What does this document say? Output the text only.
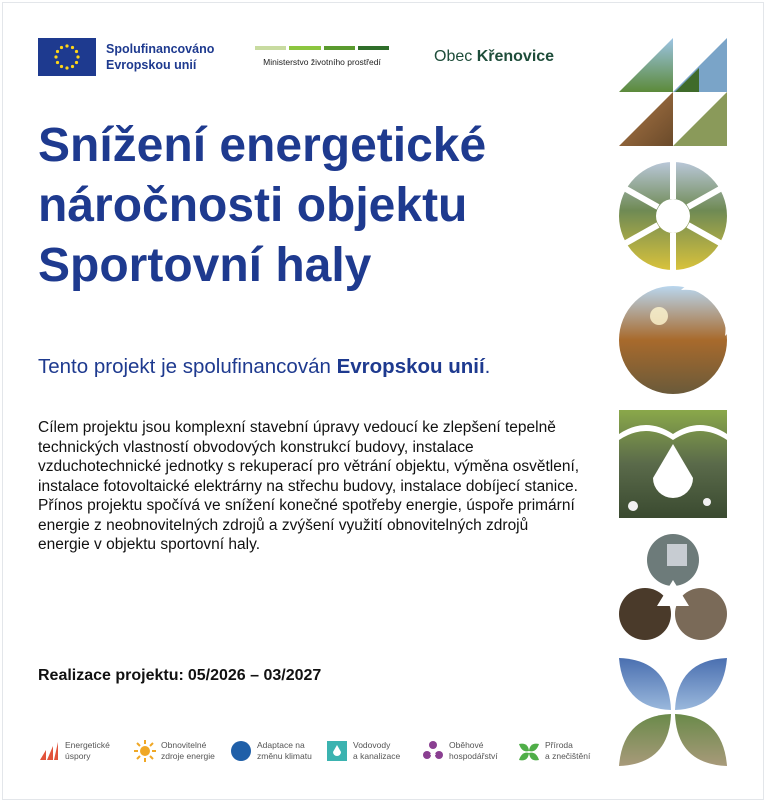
Spolufinancováno
Evropskou unií	Ministerstvo životního prostředí	Obec Křenovice
Snížení energetické
náročnosti objektu
Sportovní haly
Tento projekt je spolufinancován Evropskou unií.
Cílem projektu jsou komplexní stavební úpravy vedoucí ke zlepšení tepelně technických vlastností obvodových konstrukcí budovy, instalace vzduchotechnické jednotky s rekuperací pro větrání objektu, výměna osvětlení, instalace fotovoltaické elektrárny na střechu budovy, instalace dobíjecí stanice. Přínos projektu spočívá ve snížení konečné spotřeby energie, úspoře primární energie z neobnovitelných zdrojů a zvýšení využití obnovitelných zdrojů energie v objektu sportovní haly.
Realizace projektu: 05/2026 – 03/2027
Energetické
úspory
Obnovitelné
zdroje energie
Adaptace na
změnu klimatu
Vodovody
a kanalizace
Oběhové
hospodářství
Příroda
a znečištění
